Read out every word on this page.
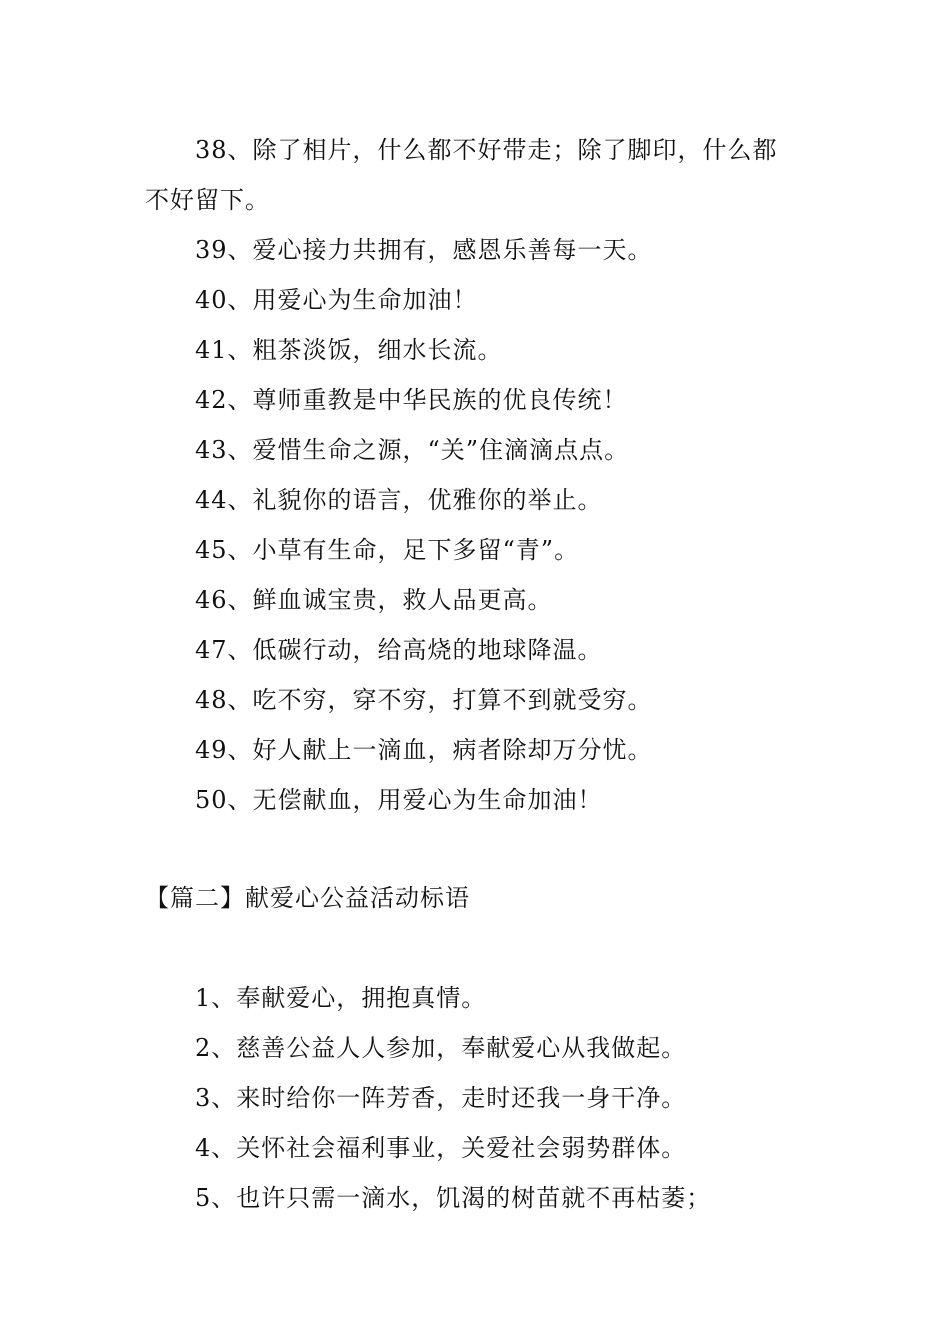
38、除了相片，什么都不好带走；除了脚印，什么都
不好留下。
39、爱心接力共拥有，感恩乐善每一天。
40、用爱心为生命加油！
41、粗茶淡饭，细水长流。
42、尊师重教是中华民族的优良传统！
43、爱惜生命之源，“关”住滴滴点点。
44、礼貌你的语言，优雅你的举止。
45、小草有生命，足下多留“青”。
46、鲜血诚宝贵，救人品更高。
47、低碳行动，给高烧的地球降温。
48、吃不穷，穿不穷，打算不到就受穷。
49、好人献上一滴血，病者除却万分忧。
50、无偿献血，用爱心为生命加油！
【篇二】献爱心公益活动标语
1、奉献爱心，拥抱真情。
2、慈善公益人人参加，奉献爱心从我做起。
3、来时给你一阵芳香，走时还我一身干净。
4、关怀社会福利事业，关爱社会弱势群体。
5、也许只需一滴水，饥渴的树苗就不再枯萎；
